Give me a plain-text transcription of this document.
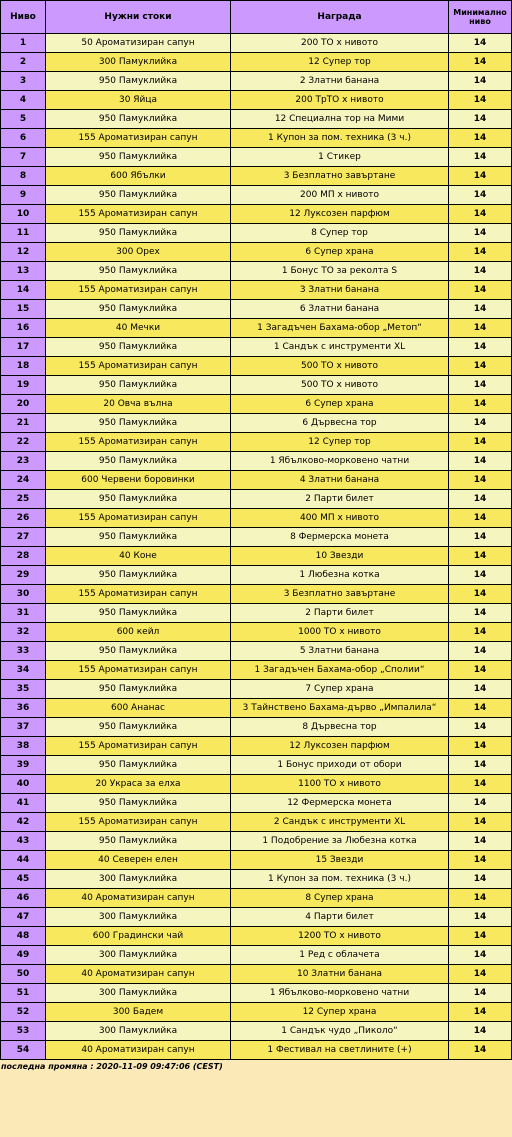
Ниво	Нужни стоки	Награда	Минимално ниво
1	50 Ароматизиран сапун	200 ТО x нивото	14
2	300 Памуклийка	12 Супер тор	14
3	950 Памуклийка	2 Златни банана	14
4	30 Яйца	200 ТрТО x нивото	14
5	950 Памуклийка	12 Специална тор на Мими	14
6	155 Ароматизиран сапун	1 Купон за пом. техника (3 ч.)	14
7	950 Памуклийка	1 Стикер	14
8	600 Ябълки	3 Безплатно завъртане	14
9	950 Памуклийка	200 МП x нивото	14
10	155 Ароматизиран сапун	12 Луксозен парфюм	14
11	950 Памуклийка	8 Супер тор	14
12	300 Орех	6 Супер храна	14
13	950 Памуклийка	1 Бонус ТО за реколта S	14
14	155 Ароматизиран сапун	3 Златни банана	14
15	950 Памуклийка	6 Златни банана	14
16	40 Мечки	1 Загадъчен Бахама-обор „Метоп“	14
17	950 Памуклийка	1 Сандък с инструменти XL	14
18	155 Ароматизиран сапун	500 ТО x нивото	14
19	950 Памуклийка	500 ТО x нивото	14
20	20 Овча вълна	6 Супер храна	14
21	950 Памуклийка	6 Дървесна тор	14
22	155 Ароматизиран сапун	12 Супер тор	14
23	950 Памуклийка	1 Ябълково-морковено чатни	14
24	600 Червени боровинки	4 Златни банана	14
25	950 Памуклийка	2 Парти билет	14
26	155 Ароматизиран сапун	400 МП x нивото	14
27	950 Памуклийка	8 Фермерска монета	14
28	40 Коне	10 Звезди	14
29	950 Памуклийка	1 Любезна котка	14
30	155 Ароматизиран сапун	3 Безплатно завъртане	14
31	950 Памуклийка	2 Парти билет	14
32	600 кейл	1000 ТО x нивото	14
33	950 Памуклийка	5 Златни банана	14
34	155 Ароматизиран сапун	1 Загадъчен Бахама-обор „Сполии“	14
35	950 Памуклийка	7 Супер храна	14
36	600 Ананас	3 Тайнствено Бахама-дърво „Импалила“	14
37	950 Памуклийка	8 Дървесна тор	14
38	155 Ароматизиран сапун	12 Луксозен парфюм	14
39	950 Памуклийка	1 Бонус приходи от обори	14
40	20 Украса за елха	1100 ТО x нивото	14
41	950 Памуклийка	12 Фермерска монета	14
42	155 Ароматизиран сапун	2 Сандък с инструменти XL	14
43	950 Памуклийка	1 Подобрение за Любезна котка	14
44	40 Северен елен	15 Звезди	14
45	300 Памуклийка	1 Купон за пом. техника (3 ч.)	14
46	40 Ароматизиран сапун	8 Супер храна	14
47	300 Памуклийка	4 Парти билет	14
48	600 Градински чай	1200 ТО x нивото	14
49	300 Памуклийка	1 Ред с облачета	14
50	40 Ароматизиран сапун	10 Златни банана	14
51	300 Памуклийка	1 Ябълково-морковено чатни	14
52	300 Бадем	12 Супер храна	14
53	300 Памуклийка	1 Сандък чудо „Пиколо“	14
54	40 Ароматизиран сапун	1 Фестивал на светлините (+)	14
последна промяна : 2020-11-09 09:47:06 (CEST)
